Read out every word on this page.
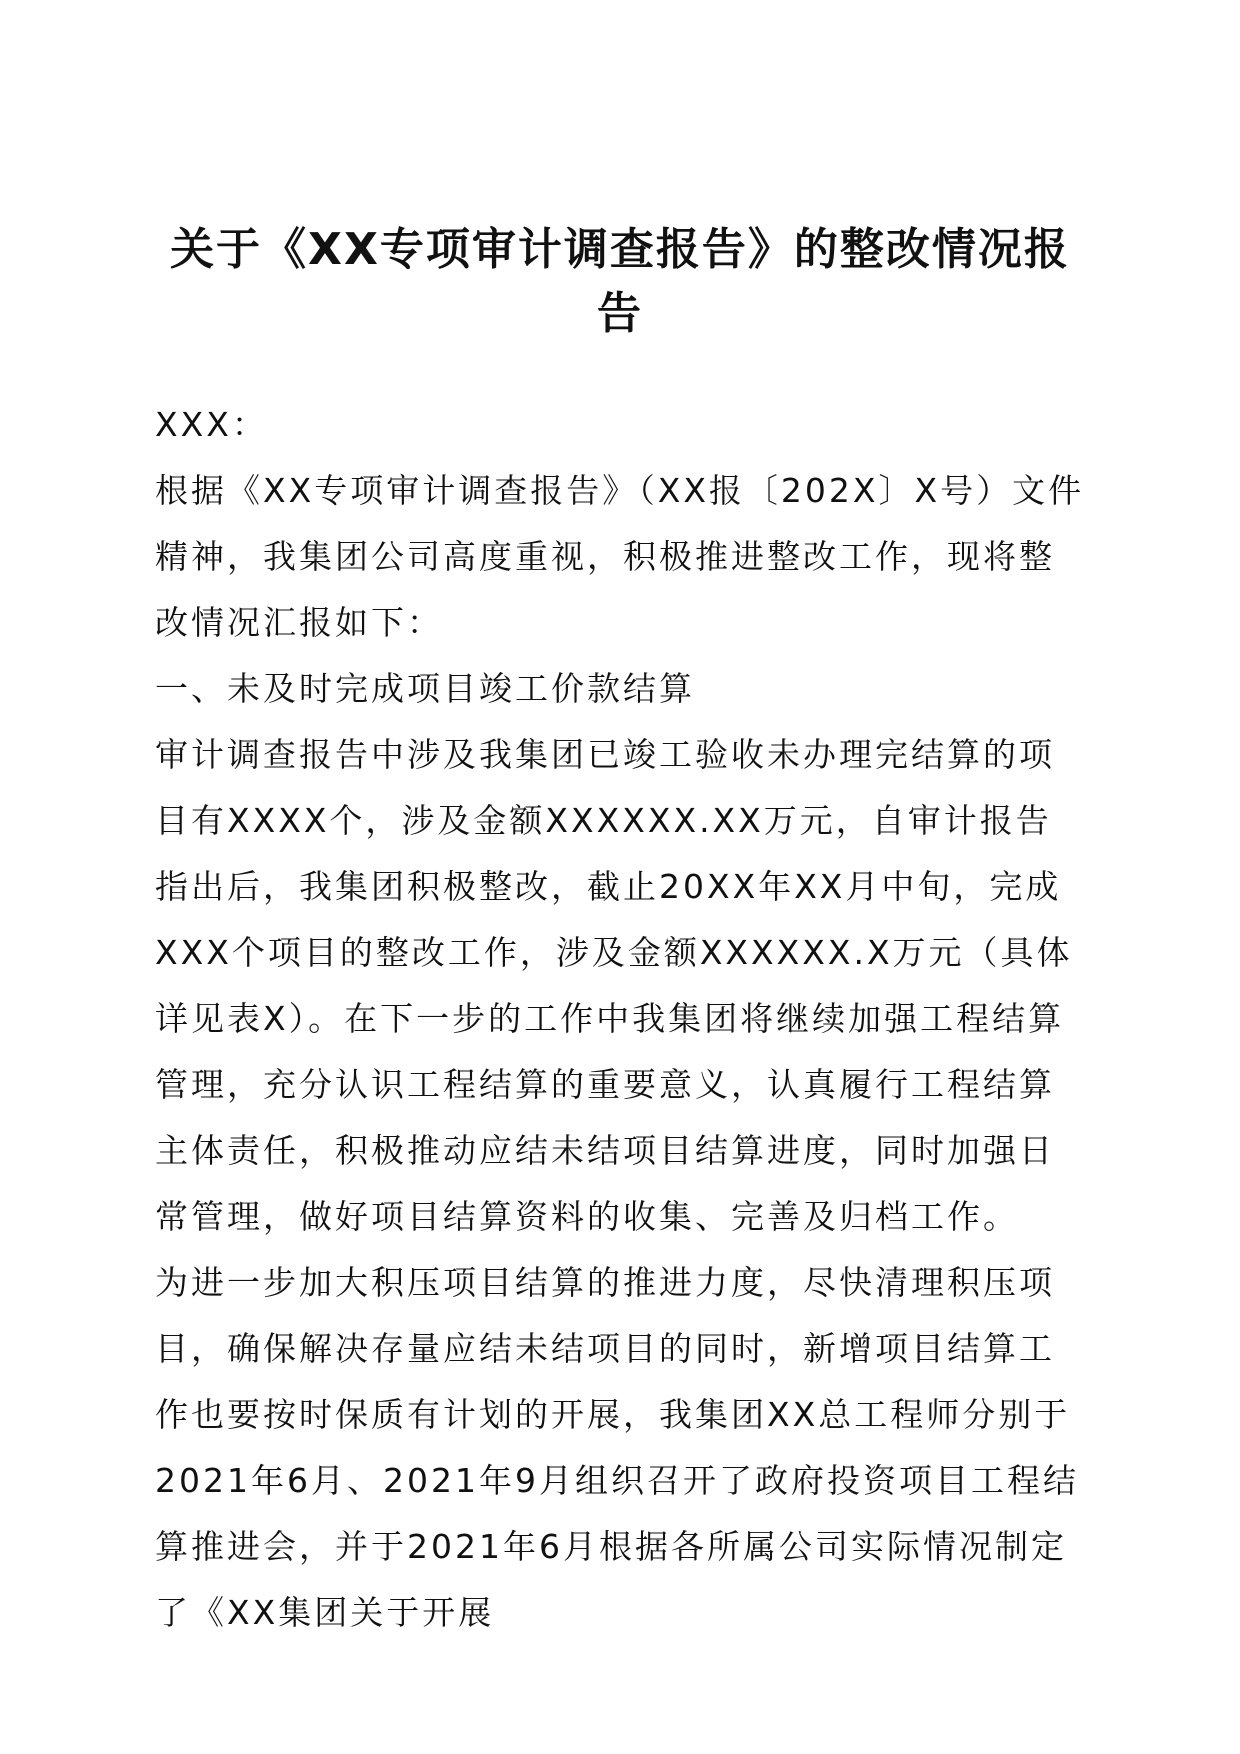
关于《XX专项审计调查报告》的整改情况报
告

XXX：

根据《XX专项审计调查报告》（XX报〔202X〕X号）文件精神，我集团公司高度重视，积极推进整改工作，现将整改情况汇报如下：

一、未及时完成项目竣工价款结算

审计调查报告中涉及我集团已竣工验收未办理完结算的项目有XXXX个，涉及金额XXXXXX.XX万元，自审计报告指出后，我集团积极整改，截止20XX年XX月中旬，完成XXX个项目的整改工作，涉及金额XXXXXX.X万元（具体详见表X）。在下一步的工作中我集团将继续加强工程结算管理，充分认识工程结算的重要意义，认真履行工程结算主体责任，积极推动应结未结项目结算进度，同时加强日常管理，做好项目结算资料的收集、完善及归档工作。

为进一步加大积压项目结算的推进力度，尽快清理积压项目，确保解决存量应结未结项目的同时，新增项目结算工作也要按时保质有计划的开展，我集团XX总工程师分别于2021年6月、2021年9月组织召开了政府投资项目工程结算推进会，并于2021年6月根据各所属公司实际情况制定了《XX集团关于开展
